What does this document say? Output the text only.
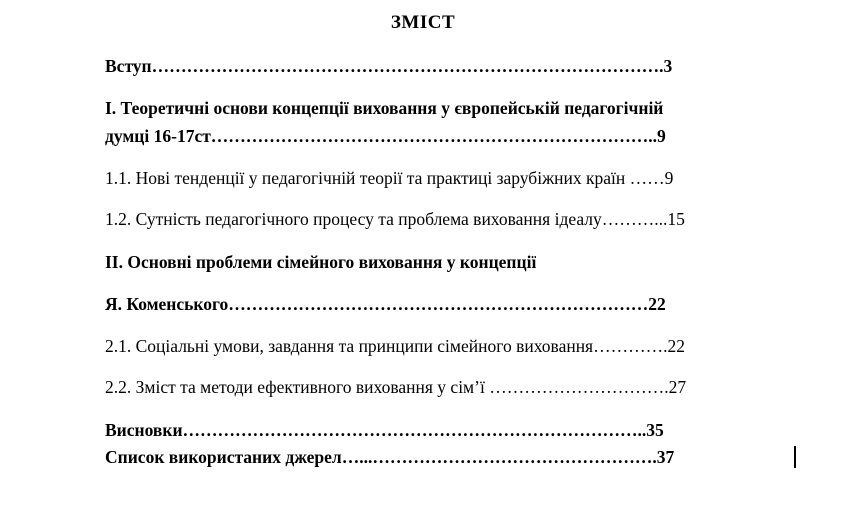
ЗМІСТ
Вступ…………………………………………………………………………….3
I. Теоретичні основи концепції виховання у європейській педагогічній
думці 16-17ст…………………………………………………………………..9
1.1. Нові тенденції у педагогічній теорії та практиці зарубіжних країн ……9
1.2. Сутність педагогічного процесу та проблема виховання ідеалу………...15
II. Основні проблеми сімейного виховання у концепції
Я. Коменського………………………………………………………………22
2.1. Соціальні умови, завдання та принципи сімейного виховання………….22
2.2. Зміст та методи ефективного виховання у сім’ї ………………………….27
Висновки……………………………………………………………………..35
Список використаних джерел…...………………………………………….37
